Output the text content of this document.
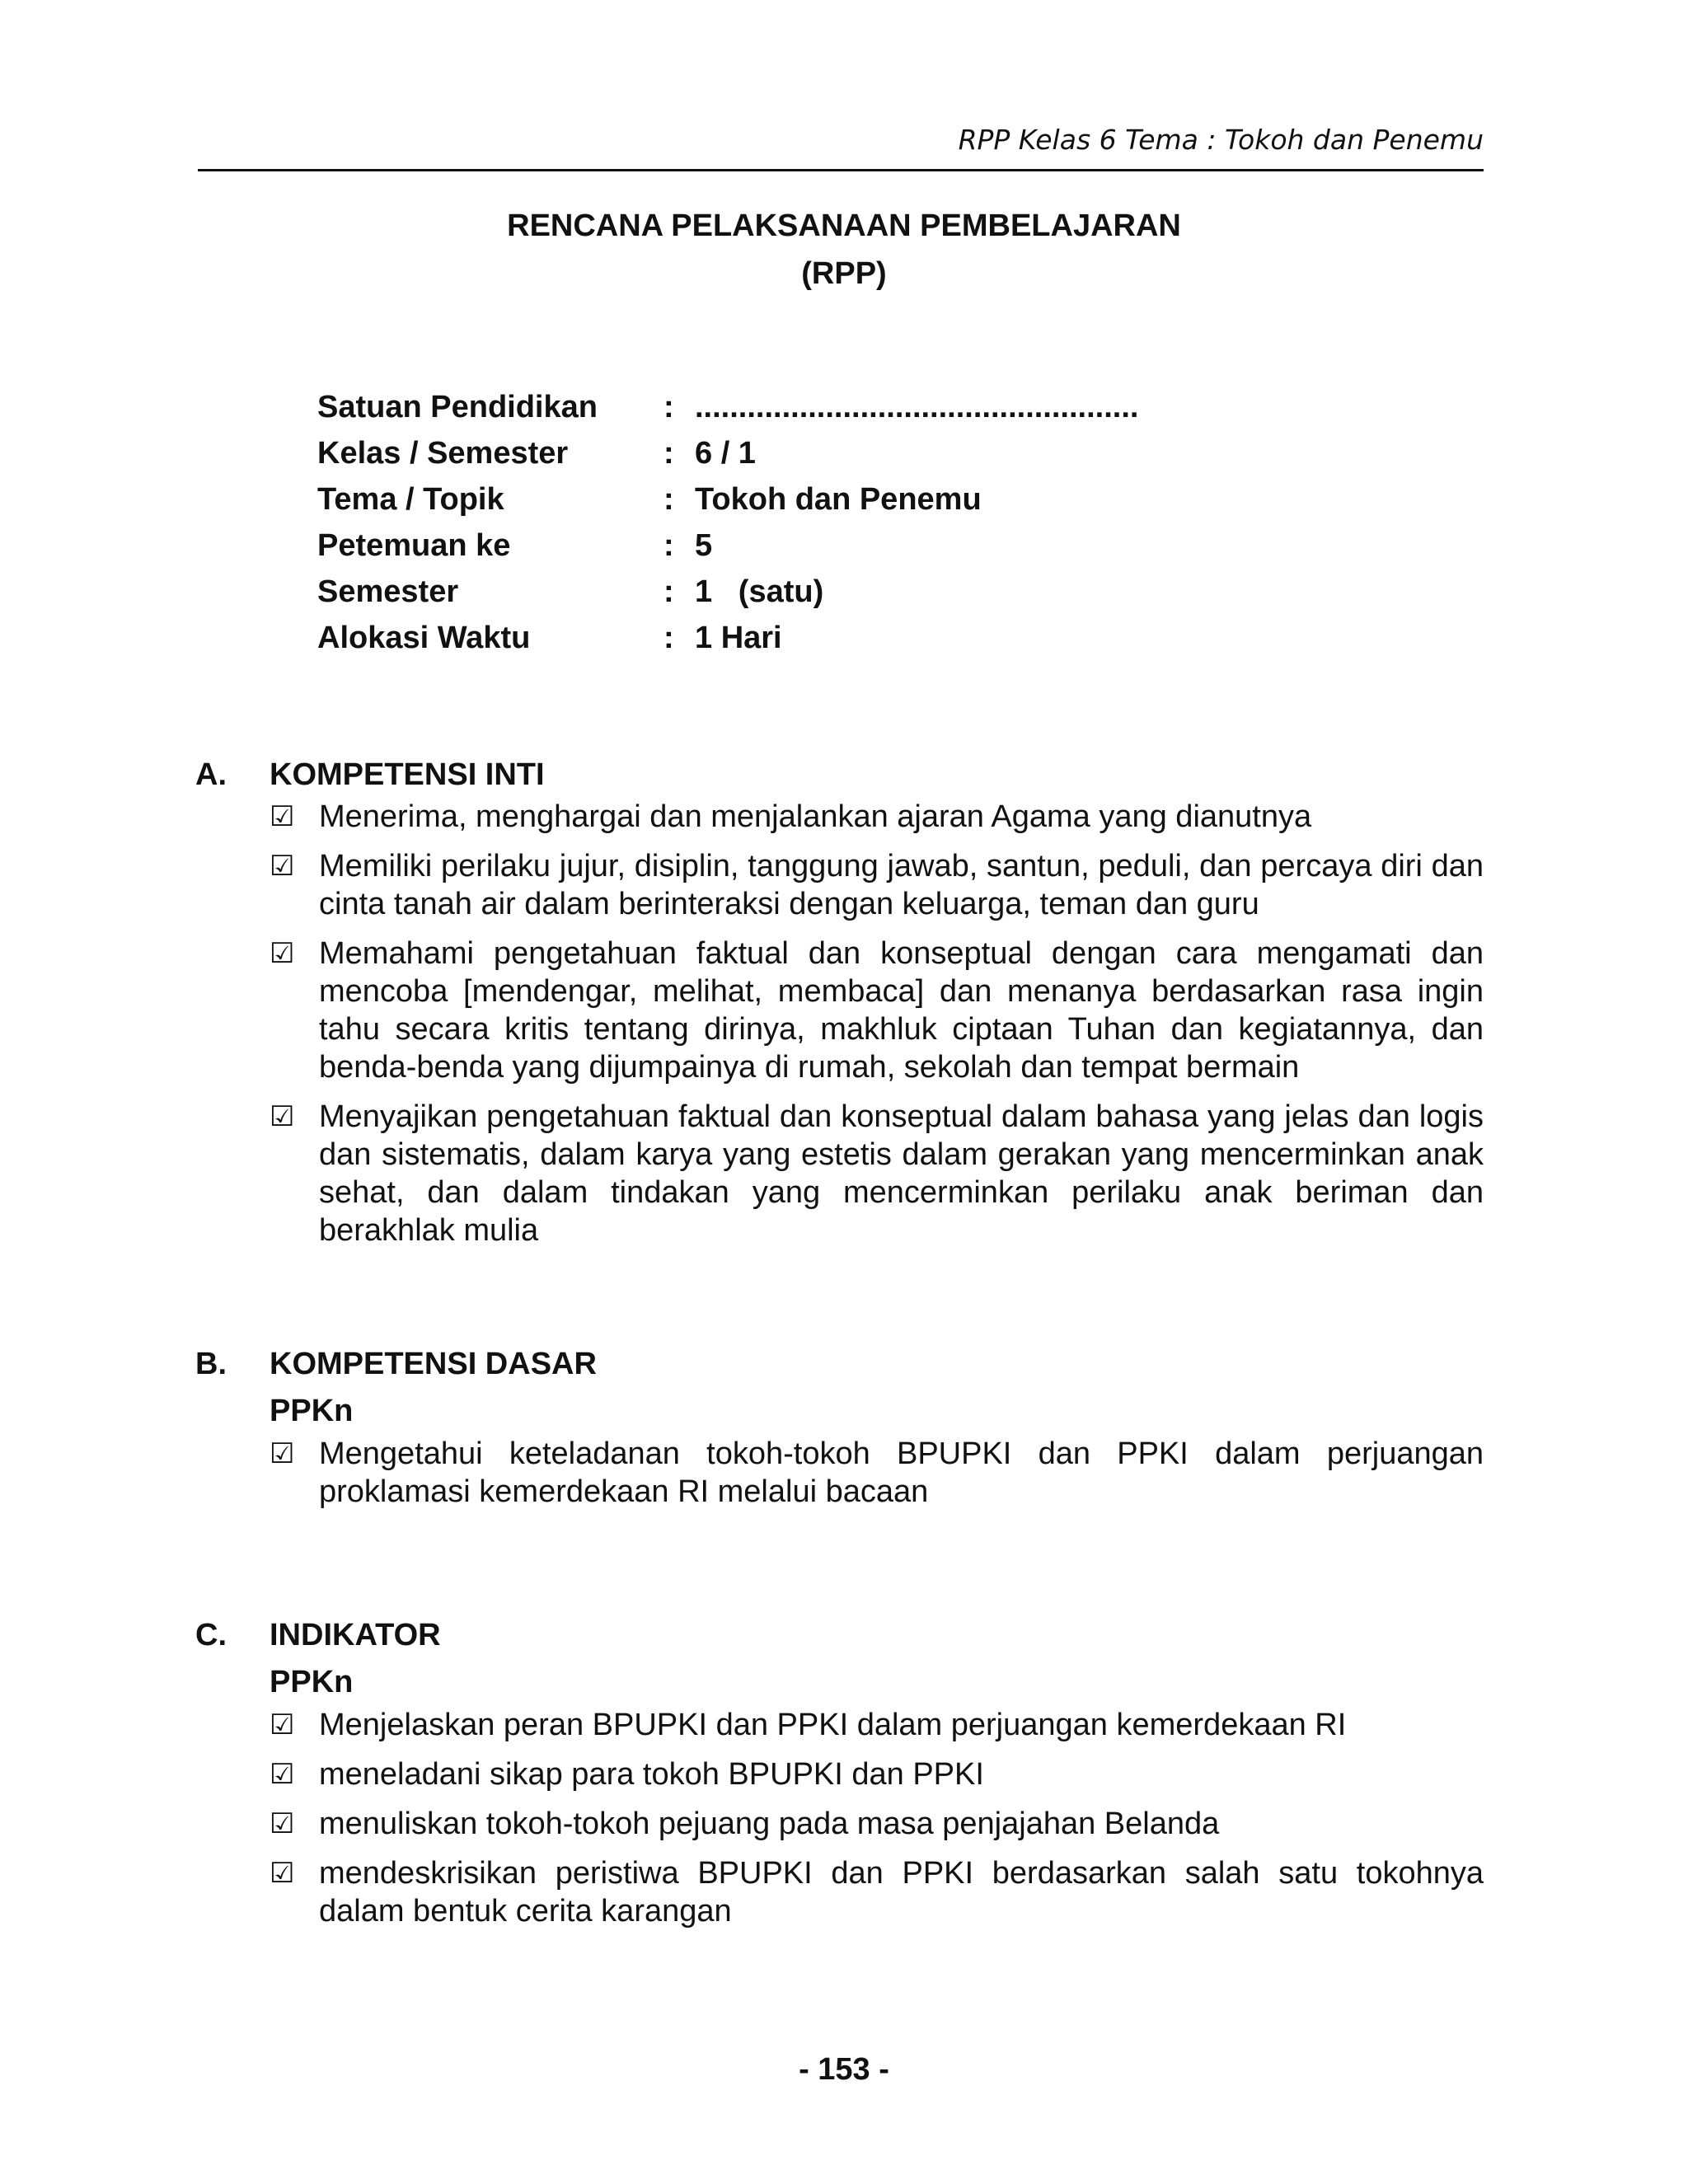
RPP Kelas 6 Tema : Tokoh dan Penemu
RENCANA PELAKSANAAN PEMBELAJARAN
(RPP)
Satuan Pendidikan	: ...................................................
Kelas / Semester	: 6 / 1
Tema / Topik	: Tokoh dan Penemu
Petemuan ke	: 5
Semester	: 1   (satu)
Alokasi Waktu	: 1 Hari
A.	KOMPETENSI INTI
☑ Menerima, menghargai dan menjalankan ajaran Agama yang dianutnya
☑ Memiliki perilaku jujur, disiplin, tanggung jawab, santun, peduli, dan percaya diri dan cinta tanah air dalam berinteraksi dengan keluarga, teman dan guru
☑ Memahami pengetahuan faktual dan konseptual dengan cara mengamati dan mencoba [mendengar, melihat, membaca] dan menanya berdasarkan rasa ingin tahu secara kritis tentang dirinya, makhluk ciptaan Tuhan dan kegiatannya, dan benda-benda yang dijumpainya di rumah, sekolah dan tempat bermain
☑ Menyajikan pengetahuan faktual dan konseptual dalam bahasa yang jelas dan logis dan sistematis, dalam karya yang estetis dalam gerakan yang mencerminkan anak sehat, dan dalam tindakan yang mencerminkan perilaku anak beriman dan berakhlak mulia
B.	KOMPETENSI DASAR
PPKn
☑ Mengetahui keteladanan tokoh-tokoh BPUPKI dan PPKI dalam perjuangan proklamasi kemerdekaan RI melalui bacaan
C.	INDIKATOR
PPKn
☑ Menjelaskan peran BPUPKI dan PPKI dalam perjuangan kemerdekaan RI
☑ meneladani sikap para tokoh BPUPKI dan PPKI
☑ menuliskan tokoh-tokoh pejuang pada masa penjajahan Belanda
☑ mendeskrisikan peristiwa BPUPKI dan PPKI berdasarkan salah satu tokohnya dalam bentuk cerita karangan
- 153 -
